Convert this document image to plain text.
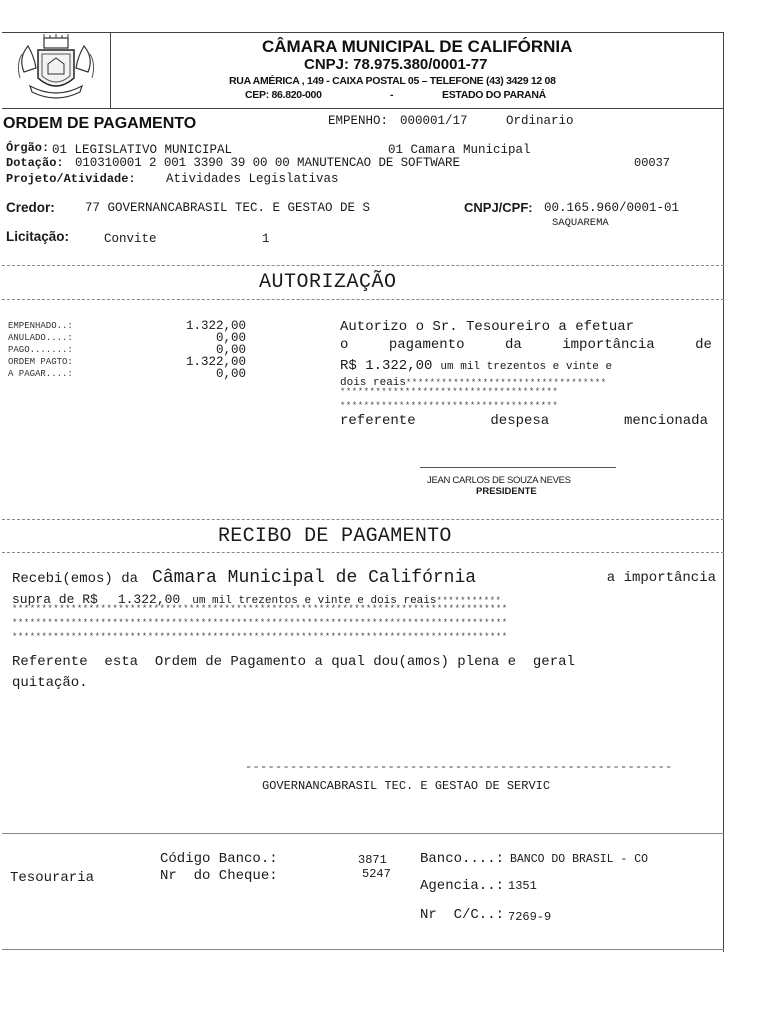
CÂMARA MUNICIPAL DE CALIFÓRNIA
CNPJ: 78.975.380/0001-77
RUA AMÉRICA , 149 - CAIXA POSTAL 05 – TELEFONE (43) 3429 12 08
CEP: 86.820-000	-	ESTADO DO PARANÁ
ORDEM DE PAGAMENTO	EMPENHO: 000001/17	Ordinario
Órgão: 01 LEGISLATIVO MUNICIPAL	01 Camara Municipal
Dotação: 010310001 2 001 3390 39 00 00 MANUTENCAO DE SOFTWARE	00037
Projeto/Atividade: Atividades Legislativas
Credor: 77 GOVERNANCABRASIL TEC. E GESTAO DE S	CNPJ/CPF: 00.165.960/0001-01
SAQUAREMA
Licitação:	Convite	1
AUTORIZAÇÃO
EMPENHADO..:	1.322,00
ANULADO....:	0,00
PAGO.......:	0,00
ORDEM PAGTO:	1.322,00
A PAGAR....:	0,00
Autorizo o Sr. Tesoureiro a efetuar
o	pagamento	da	importância	de
R$ 1.322,00 um mil trezentos e vinte e
dois reais**********************************
*************************************
*************************************
referente	despesa	mencionada
JEAN CARLOS DE SOUZA NEVES
PRESIDENTE
RECIBO DE PAGAMENTO
Recebi(emos) da Câmara Municipal de Califórnia	a importância
supra de R$ 1.322,00 um mil trezentos e vinte e dois reais***********
************************************************************************************
************************************************************************************
************************************************************************************
Referente  esta  Ordem de Pagamento a qual dou(amos) plena e  geral
quitação.
---------------------------------------------------------
GOVERNANCABRASIL TEC. E GESTAO DE SERVIC
Tesouraria
Código Banco.:	3871
Nr  do Cheque:	5247
Banco....: BANCO DO BRASIL - CO
Agencia..: 1351
Nr  C/C..: 7269-9
